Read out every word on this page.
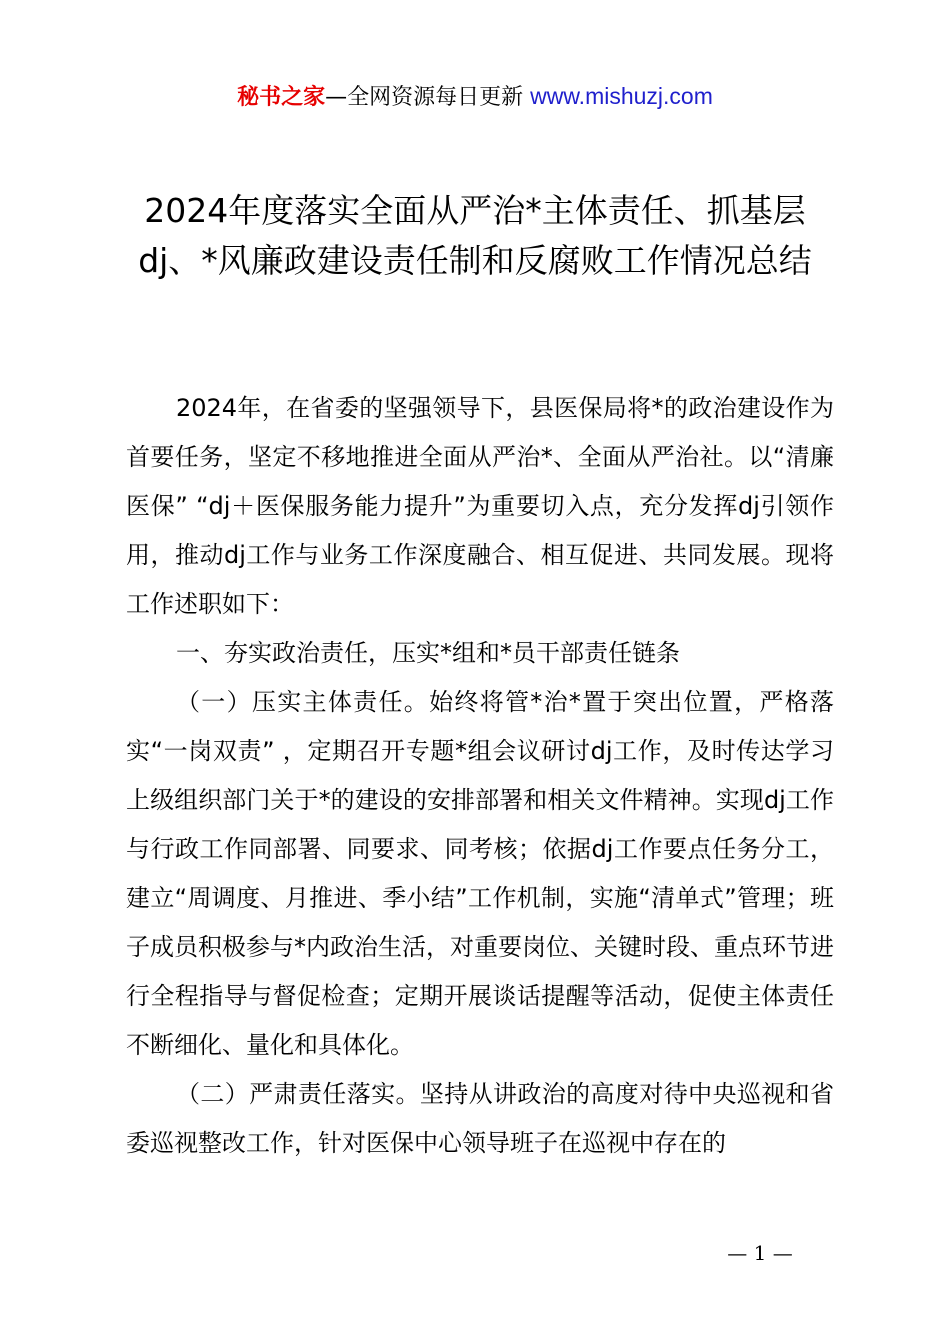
秘书之家—全网资源每日更新 www.mishuzj.com
2024年度落实全面从严治*主体责任、抓基层dj、*风廉政建设责任制和反腐败工作情况总结

2024年，在省委的坚强领导下，县医保局将*的政治建设作为首要任务，坚定不移地推进全面从严治*、全面从严治社。以“清廉医保” “dj＋医保服务能力提升”为重要切入点，充分发挥dj引领作用，推动dj工作与业务工作深度融合、相互促进、共同发展。现将工作述职如下：

一、夯实政治责任，压实*组和*员干部责任链条

（一）压实主体责任。始终将管*治*置于突出位置，严格落实“一岗双责” ，定期召开专题*组会议研讨dj工作，及时传达学习上级组织部门关于*的建设的安排部署和相关文件精神。实现dj工作与行政工作同部署、同要求、同考核；依据dj工作要点任务分工，建立“周调度、月推进、季小结”工作机制，实施“清单式”管理；班子成员积极参与*内政治生活，对重要岗位、关键时段、重点环节进行全程指导与督促检查；定期开展谈话提醒等活动，促使主体责任不断细化、量化和具体化。

（二）严肃责任落实。坚持从讲政治的高度对待中央巡视和省委巡视整改工作，针对医保中心领导班子在巡视中存在的

— 1 —
